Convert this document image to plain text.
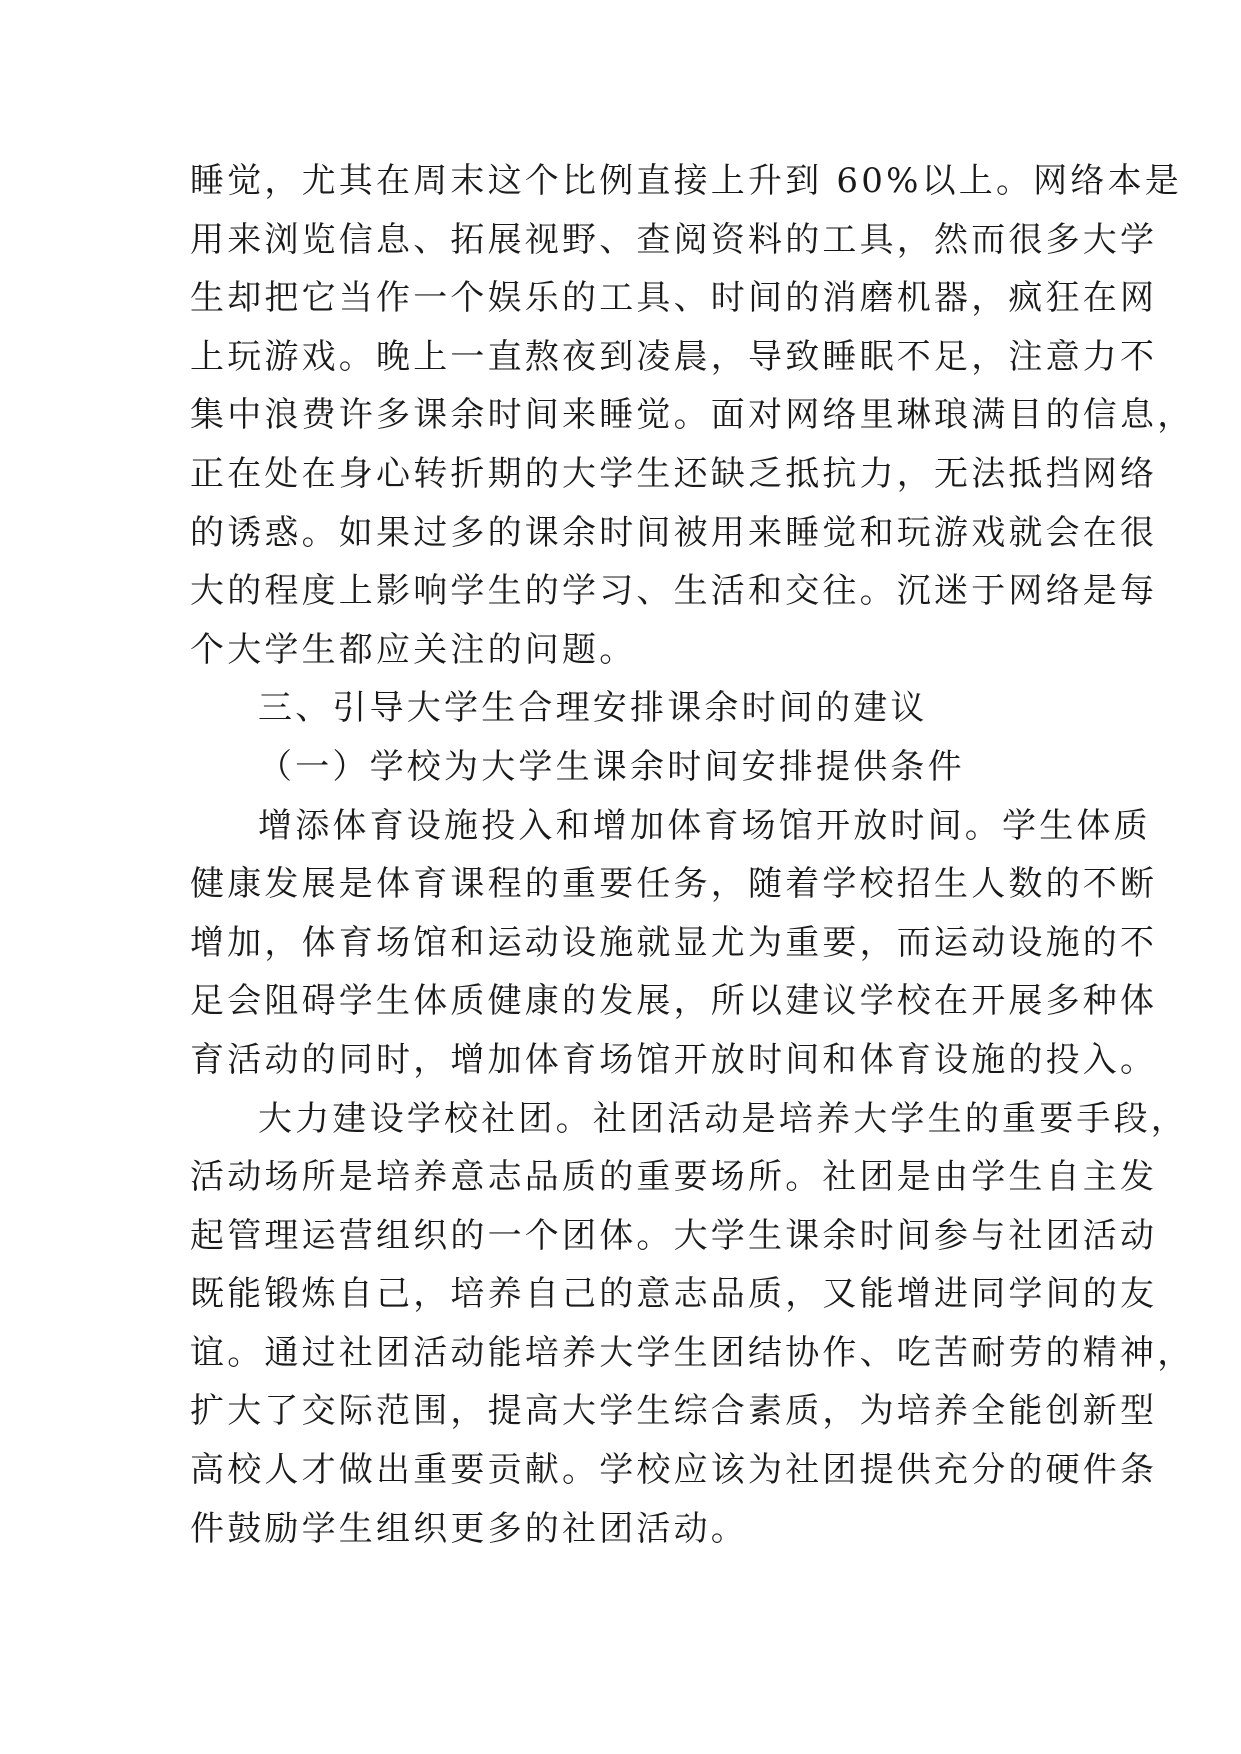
睡觉，尤其在周末这个比例直接上升到 60%以上。网络本是
用来浏览信息、拓展视野、查阅资料的工具，然而很多大学
生却把它当作一个娱乐的工具、时间的消磨机器，疯狂在网
上玩游戏。晚上一直熬夜到凌晨，导致睡眠不足，注意力不
集中浪费许多课余时间来睡觉。面对网络里琳琅满目的信息，
正在处在身心转折期的大学生还缺乏抵抗力，无法抵挡网络
的诱惑。如果过多的课余时间被用来睡觉和玩游戏就会在很
大的程度上影响学生的学习、生活和交往。沉迷于网络是每
个大学生都应关注的问题。
三、引导大学生合理安排课余时间的建议
（一）学校为大学生课余时间安排提供条件
增添体育设施投入和增加体育场馆开放时间。学生体质
健康发展是体育课程的重要任务，随着学校招生人数的不断
增加，体育场馆和运动设施就显尤为重要，而运动设施的不
足会阻碍学生体质健康的发展，所以建议学校在开展多种体
育活动的同时，增加体育场馆开放时间和体育设施的投入。
大力建设学校社团。社团活动是培养大学生的重要手段，
活动场所是培养意志品质的重要场所。社团是由学生自主发
起管理运营组织的一个团体。大学生课余时间参与社团活动
既能锻炼自己，培养自己的意志品质，又能增进同学间的友
谊。通过社团活动能培养大学生团结协作、吃苦耐劳的精神，
扩大了交际范围，提高大学生综合素质，为培养全能创新型
高校人才做出重要贡献。学校应该为社团提供充分的硬件条
件鼓励学生组织更多的社团活动。
